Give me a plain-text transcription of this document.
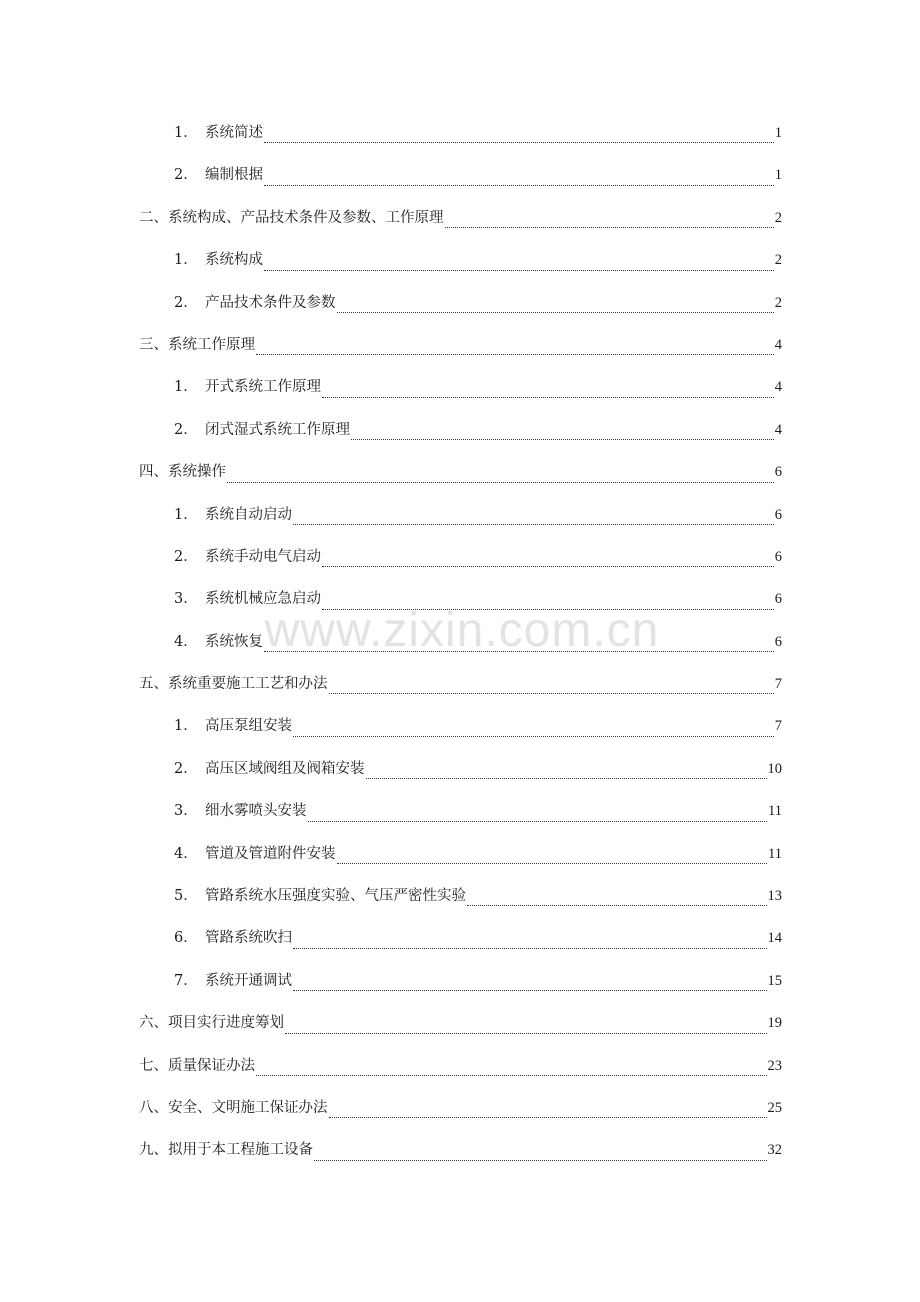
1． 系统简述	1
2． 编制根据	1
二、系统构成、产品技术条件及参数、工作原理	2
1． 系统构成	2
2． 产品技术条件及参数	2
三、系统工作原理	4
1． 开式系统工作原理	4
2． 闭式湿式系统工作原理	4
四、系统操作	6
1． 系统自动启动	6
2． 系统手动电气启动	6
3． 系统机械应急启动	6
4． 系统恢复	6
五、系统重要施工工艺和办法	7
1． 高压泵组安装	7
2． 高压区域阀组及阀箱安装	10
3． 细水雾喷头安装	11
4． 管道及管道附件安装	11
5． 管路系统水压强度实验、气压严密性实验	13
6． 管路系统吹扫	14
7． 系统开通调试	15
六、项目实行进度筹划	19
七、质量保证办法	23
八、安全、文明施工保证办法	25
九、拟用于本工程施工设备	32
www.zixin.com.cn
